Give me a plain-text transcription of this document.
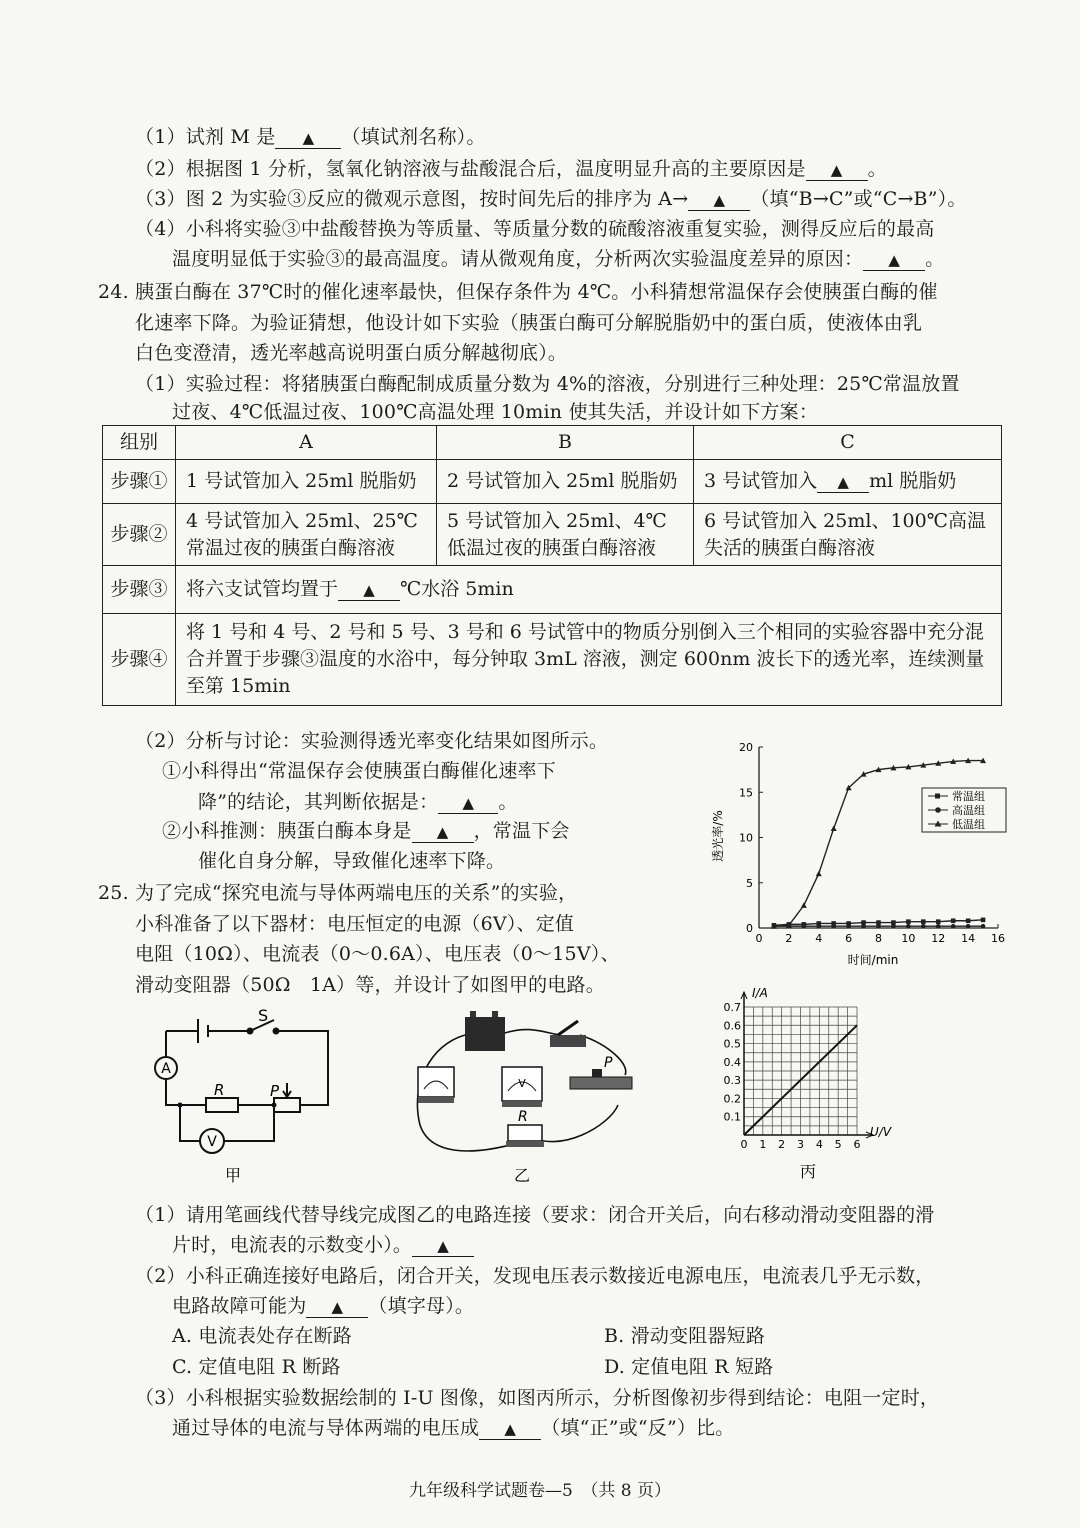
（1）试剂 M 是 ▲ （填试剂名称）。
（2）根据图 1 分析，氢氧化钠溶液与盐酸混合后，温度明显升高的主要原因是 ▲ 。
（3）图 2 为实验③反应的微观示意图，按时间先后的排序为 A→ ▲ （填“B→C”或“C→B”）。
（4）小科将实验③中盐酸替换为等质量、等质量分数的硫酸溶液重复实验，测得反应后的最高
温度明显低于实验③的最高温度。请从微观角度，分析两次实验温度差异的原因： ▲ 。
24. 胰蛋白酶在 37℃时的催化速率最快，但保存条件为 4℃。小科猜想常温保存会使胰蛋白酶的催
化速率下降。为验证猜想，他设计如下实验（胰蛋白酶可分解脱脂奶中的蛋白质，使液体由乳
白色变澄清，透光率越高说明蛋白质分解越彻底）。
（1）实验过程：将猪胰蛋白酶配制成质量分数为 4%的溶液，分别进行三种处理：25℃常温放置
过夜、4℃低温过夜、100℃高温处理 10min 使其失活，并设计如下方案：
组别	A	B	C
步骤①	1 号试管加入 25ml 脱脂奶	2 号试管加入 25ml 脱脂奶	3 号试管加入 ▲ ml 脱脂奶
步骤②	4 号试管加入 25ml、25℃常温过夜的胰蛋白酶溶液	5 号试管加入 25ml、4℃低温过夜的胰蛋白酶溶液	6 号试管加入 25ml、100℃高温失活的胰蛋白酶溶液
步骤③	将六支试管均置于 ▲ ℃水浴 5min		
步骤④	将 1 号和 4 号、2 号和 5 号、3 号和 6 号试管中的物质分别倒入三个相同的实验容器中充分混合并置于步骤③温度的水浴中，每分钟取 3mL 溶液，测定 600nm 波长下的透光率，连续测量至第 15min		
（2）分析与讨论：实验测得透光率变化结果如图所示。
①小科得出“常温保存会使胰蛋白酶催化速率下
降”的结论，其判断依据是： ▲ 。
②小科推测：胰蛋白酶本身是 ▲ ，常温下会
催化自身分解，导致催化速率下降。
0 2 4 6 8 10 12 14 16
0
5
10
15
20
常温组
高温组
低温组
时间/min
透光率/%
25. 为了完成“探究电流与导体两端电压的关系”的实验，
小科准备了以下器材：电压恒定的电源（6V）、定值
电阻（10Ω）、电流表（0～0.6A）、电压表（0～15V）、
滑动变阻器（50Ω　1A）等，并设计了如图甲的电路。
S
A
R	P
V
甲
V
P
R
乙
0 1 2 3 4 5 6
0.1
0.2
0.3
0.4
0.5
0.6
0.7
I/A
U/V
丙
（1）请用笔画线代替导线完成图乙的电路连接（要求：闭合开关后，向右移动滑动变阻器的滑
片时，电流表的示数变小）。 ▲
（2）小科正确连接好电路后，闭合开关，发现电压表示数接近电源电压，电流表几乎无示数，
电路故障可能为 ▲ （填字母）。
A. 电流表处存在断路	B. 滑动变阻器短路
C. 定值电阻 R 断路	D. 定值电阻 R 短路
（3）小科根据实验数据绘制的 I-U 图像，如图丙所示，分析图像初步得到结论：电阻一定时，
通过导体的电流与导体两端的电压成 ▲ （填“正”或“反”）比。
九年级科学试题卷—5　（共 8 页）
